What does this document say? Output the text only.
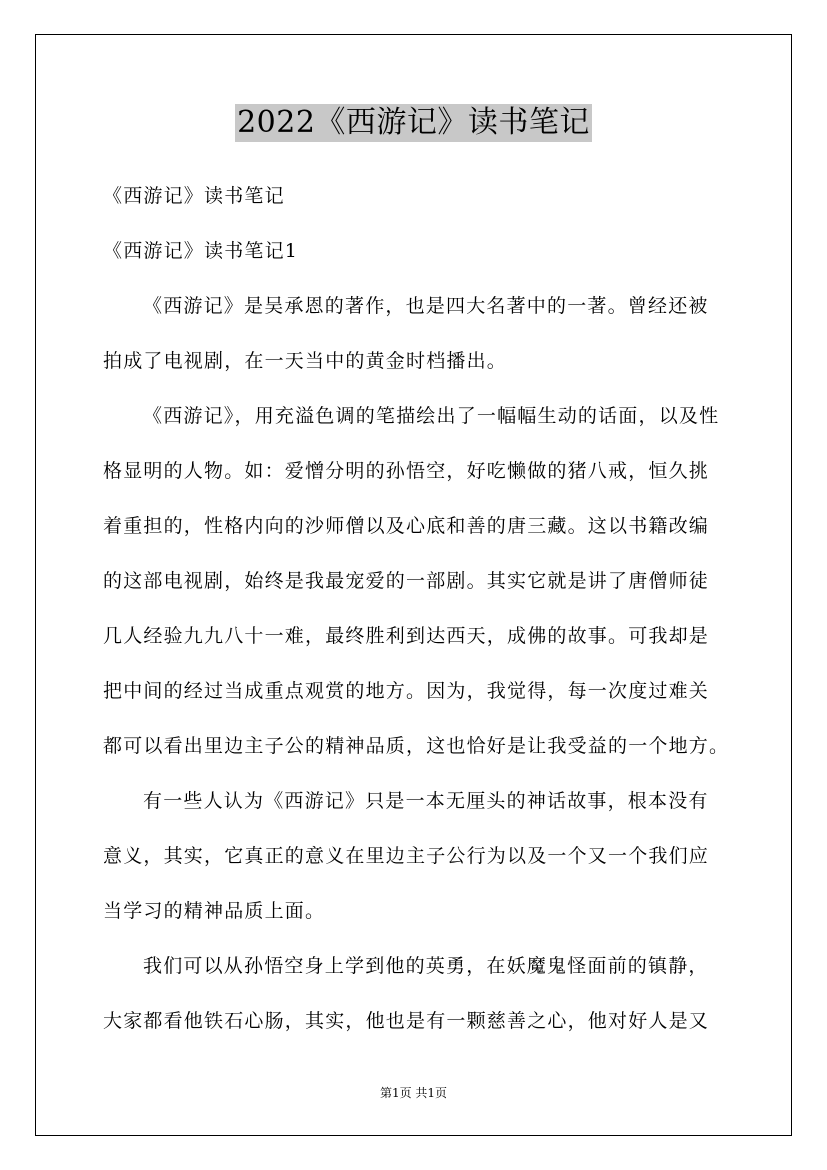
2022《西游记》读书笔记
《西游记》读书笔记
《西游记》读书笔记1
《西游记》是吴承恩的著作，也是四大名著中的一著。曾经还被
拍成了电视剧，在一天当中的黄金时档播出。
《西游记》，用充溢色调的笔描绘出了一幅幅生动的话面，以及性
格显明的人物。如：爱憎分明的孙悟空，好吃懒做的猪八戒，恒久挑
着重担的，性格内向的沙师僧以及心底和善的唐三藏。这以书籍改编
的这部电视剧，始终是我最宠爱的一部剧。其实它就是讲了唐僧师徒
几人经验九九八十一难，最终胜利到达西天，成佛的故事。可我却是
把中间的经过当成重点观赏的地方。因为，我觉得，每一次度过难关
都可以看出里边主子公的精神品质，这也恰好是让我受益的一个地方。
有一些人认为《西游记》只是一本无厘头的神话故事，根本没有
意义，其实，它真正的意义在里边主子公行为以及一个又一个我们应
当学习的精神品质上面。
我们可以从孙悟空身上学到他的英勇，在妖魔鬼怪面前的镇静，
大家都看他铁石心肠，其实，他也是有一颗慈善之心，他对好人是又
第1页 共1页
